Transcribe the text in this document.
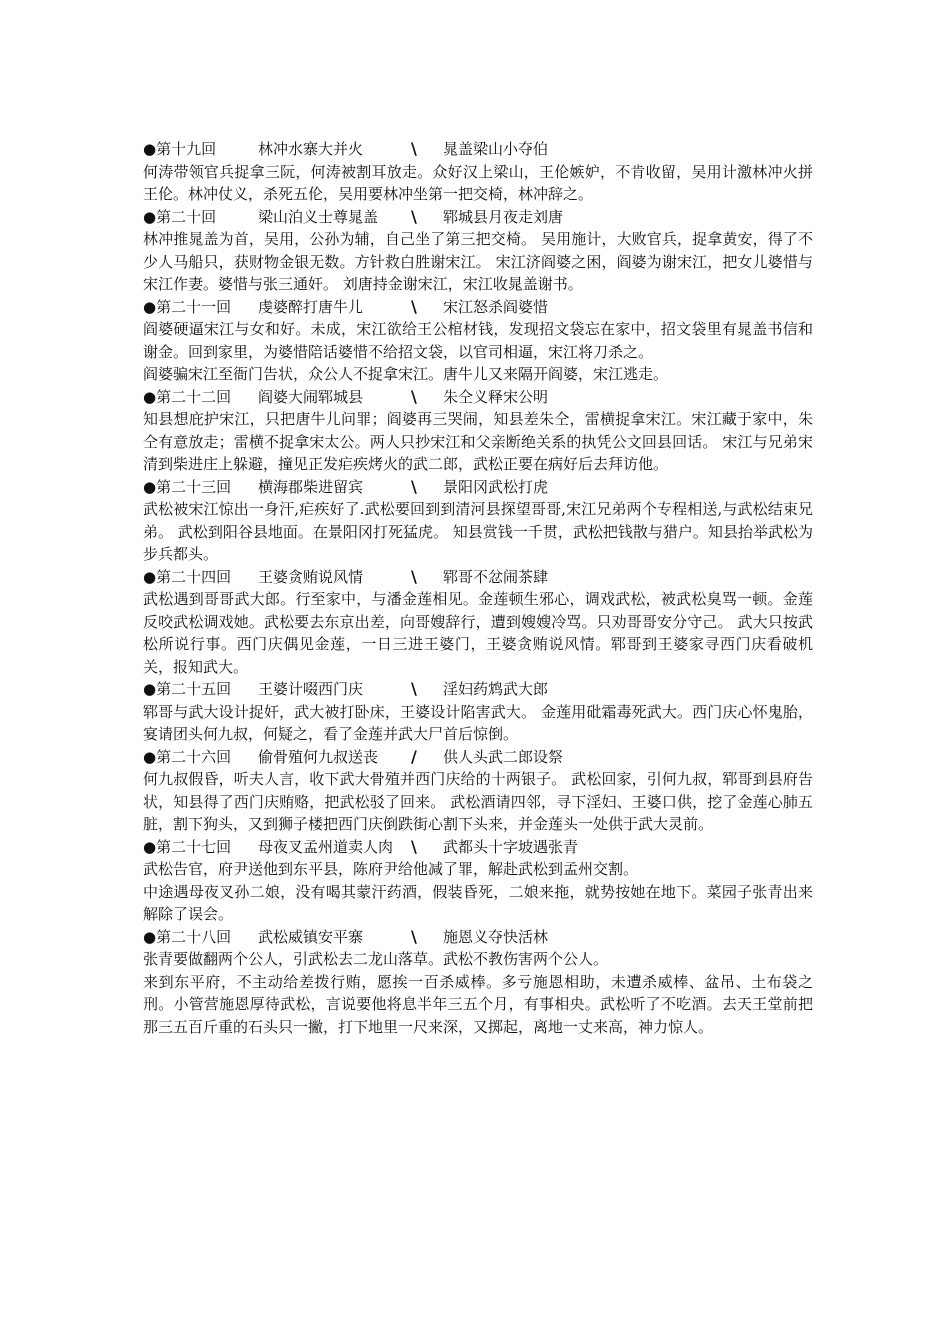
●第十九回	林冲水寨大并火	\ 晁盖梁山小夺伯

何涛带领官兵捉拿三阮，何涛被割耳放走。众好汉上梁山，王伦嫉妒，不肯收留，吴用计激林冲火拼王伦。林冲仗义，杀死五伦，吴用要林冲坐第一把交椅，林冲辞之。

●第二十回	梁山泊义士尊晁盖 \ 郓城县月夜走刘唐

林冲推晁盖为首，吴用，公孙为辅，自己坐了第三把交椅。 吴用施计，大败官兵，捉拿黄安，得了不少人马船只，获财物金银无数。方针救白胜谢宋江。 宋江济阎婆之困，阎婆为谢宋江，把女儿婆惜与宋江作妻。婆惜与张三通奸。 刘唐持金谢宋江，宋江收晁盖谢书。

●第二十一回 虔婆醉打唐牛儿	\ 宋江怒杀阎婆惜

阎婆硬逼宋江与女和好。未成，宋江欲给王公棺材钱，发现招文袋忘在家中，招文袋里有晁盖书信和谢金。回到家里，为婆惜陪话婆惜不给招文袋，以官司相逼，宋江将刀杀之。

阎婆骗宋江至衙门告状，众公人不捉拿宋江。唐牛儿又来隔开阎婆，宋江逃走。

●第二十二回 阎婆大闹郓城县	\ 朱仝义释宋公明

知县想庇护宋江，只把唐牛儿问罪；阎婆再三哭闹，知县差朱仝，雷横捉拿宋江。宋江藏于家中，朱仝有意放走；雷横不捉拿宋太公。两人只抄宋江和父亲断绝关系的执凭公文回县回话。 宋江与兄弟宋清到柴进庄上躲避，撞见正发疟疾烤火的武二郎，武松正要在病好后去拜访他。

●第二十三回 横海郡柴进留宾	\ 景阳冈武松打虎

武松被宋江惊出一身汗,疟疾好了.武松要回到到清河县探望哥哥,宋江兄弟两个专程相送,与武松结束兄弟。 武松到阳谷县地面。在景阳冈打死猛虎。 知县赏钱一千贯，武松把钱散与猎户。知县抬举武松为步兵都头。

●第二十四回 王婆贪贿说风情	\ 郓哥不忿闹茶肆

武松遇到哥哥武大郎。行至家中，与潘金莲相见。金莲顿生邪心，调戏武松，被武松臭骂一顿。金莲反咬武松调戏她。武松要去东京出差，向哥嫂辞行，遭到嫂嫂冷骂。只劝哥哥安分守己。 武大只按武松所说行事。西门庆偶见金莲，一日三进王婆门，王婆贪贿说风情。郓哥到王婆家寻西门庆看破机关，报知武大。

●第二十五回 王婆计啜西门庆	\ 淫妇药鸩武大郎

郓哥与武大设计捉奸，武大被打卧床，王婆设计陷害武大。 金莲用砒霜毒死武大。西门庆心怀鬼胎，宴请团头何九叔，何疑之，看了金莲并武大尸首后惊倒。

●第二十六回 偷骨殖何九叔送丧 / 供人头武二郎设祭

何九叔假昏，听夫人言，收下武大骨殖并西门庆给的十两银子。 武松回家，引何九叔，郓哥到县府告状，知县得了西门庆贿赂，把武松驳了回来。 武松酒请四邻，寻下淫妇、王婆口供，挖了金莲心肺五脏，割下狗头，又到狮子楼把西门庆倒跌街心割下头来，并金莲头一处供于武大灵前。

●第二十七回 母夜叉孟州道卖人肉 \ 武都头十字坡遇张青

武松告官，府尹送他到东平县，陈府尹给他减了罪，解赴武松到孟州交割。

中途遇母夜叉孙二娘，没有喝其蒙汗药酒，假装昏死，二娘来拖，就势按她在地下。菜园子张青出来解除了误会。

●第二十八回 武松威镇安平寨	\ 施恩义夺快活林

张青要做翻两个公人，引武松去二龙山落草。武松不教伤害两个公人。

来到东平府，不主动给差拨行贿，愿挨一百杀威棒。多亏施恩相助，未遭杀威棒、盆吊、土布袋之刑。小管营施恩厚待武松，言说要他将息半年三五个月，有事相央。武松听了不吃酒。去天王堂前把那三五百斤重的石头只一撇，打下地里一尺来深，又掷起，离地一丈来高，神力惊人。
